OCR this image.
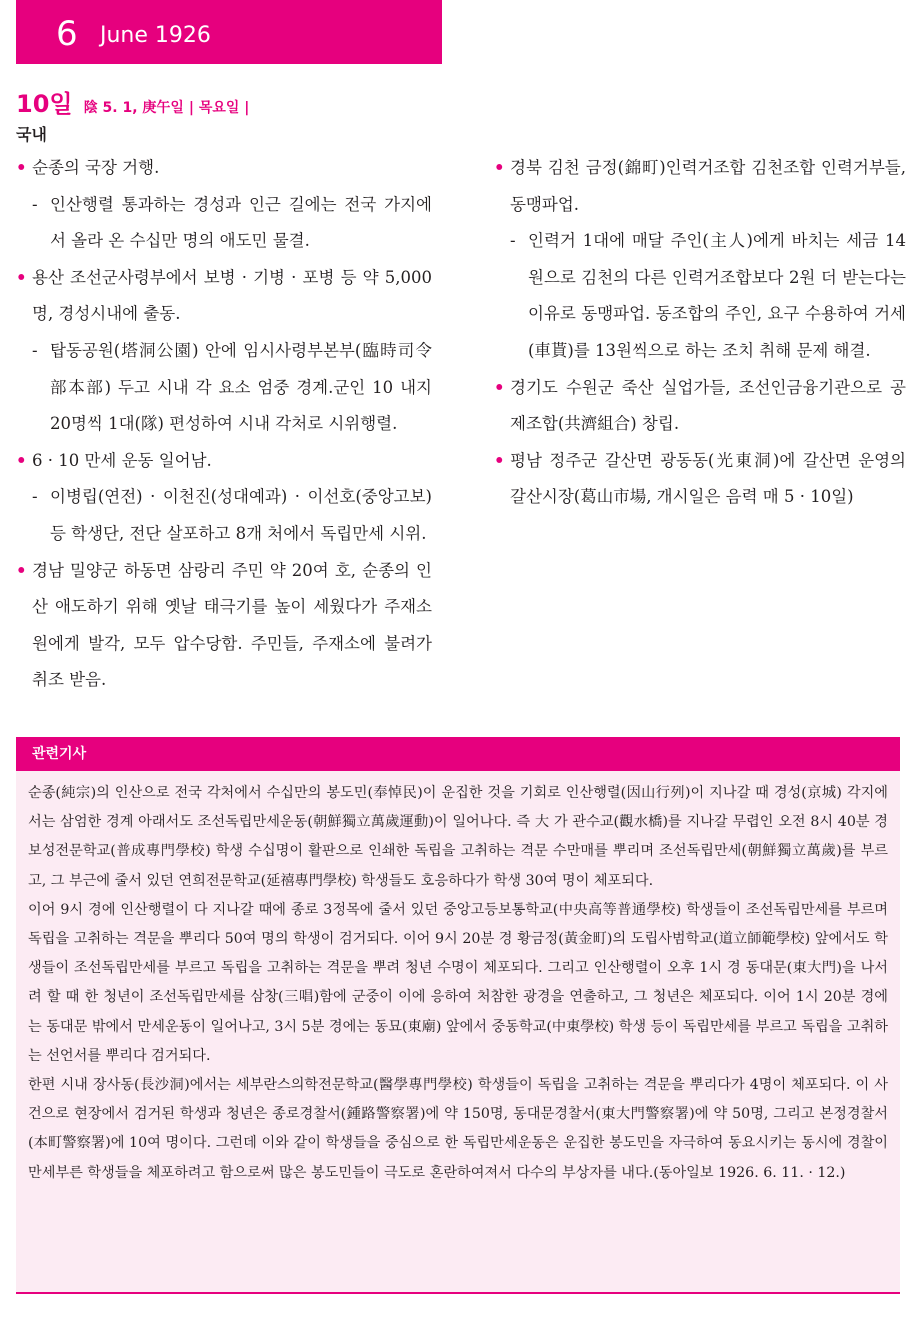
6 June 1926
10일 陰 5. 1, 庚午일 | 목요일 |
국내

• 순종의 국장 거행.

- 인산행렬 통과하는 경성과 인근 길에는 전국 가지에서 올라 온 수십만 명의 애도민 물결.

• 용산 조선군사령부에서 보병 · 기병 · 포병 등 약 5,000명, 경성시내에 출동.

- 탑동공원(塔洞公園) 안에 임시사령부본부(臨時司令部本部) 두고 시내 각 요소 엄중 경계.군인 10 내지 20명씩 1대(隊) 편성하여 시내 각처로 시위행렬.

• 6 · 10 만세 운동 일어남.

- 이병립(연전) · 이천진(성대예과) · 이선호(중앙고보) 등 학생단, 전단 살포하고 8개 처에서 독립만세 시위.

• 경남 밀양군 하동면 삼랑리 주민 약 20여 호, 순종의 인산 애도하기 위해 옛날 태극기를 높이 세웠다가 주재소원에게 발각, 모두 압수당함. 주민들, 주재소에 불려가 취조 받음.

• 경북 김천 금정(錦町)인력거조합 김천조합 인력거부들, 동맹파업.

- 인력거 1대에 매달 주인(主人)에게 바치는 세금 14원으로 김천의 다른 인력거조합보다 2원 더 받는다는 이유로 동맹파업. 동조합의 주인, 요구 수용하여 거세(車貰)를 13원씩으로 하는 조치 취해 문제 해결.

• 경기도 수원군 죽산 실업가들, 조선인금융기관으로 공제조합(共濟組合) 창립.

• 평남 정주군 갈산면 광동동(光東洞)에 갈산면 운영의 갈산시장(葛山市場, 개시일은 음력 매 5 · 10일)

관련기사

순종(純宗)의 인산으로 전국 각처에서 수십만의 봉도민(奉悼民)이 운집한 것을 기회로 인산행렬(因山行列)이 지나갈 때 경성(京城) 각지에서는 삼엄한 경계 아래서도 조선독립만세운동(朝鮮獨立萬歲運動)이 일어나다. 즉 大 가 관수교(觀水橋)를 지나갈 무렵인 오전 8시 40분 경 보성전문학교(普成專門學校) 학생 수십명이 활판으로 인쇄한 독립을 고취하는 격문 수만매를 뿌리며 조선독립만세(朝鮮獨立萬歲)를 부르고, 그 부근에 줄서 있던 연희전문학교(延禧專門學校) 학생들도 호응하다가 학생 30여 명이 체포되다.

이어 9시 경에 인산행렬이 다 지나갈 때에 종로 3정목에 줄서 있던 중앙고등보통학교(中央高等普通學校) 학생들이 조선독립만세를 부르며 독립을 고취하는 격문을 뿌리다 50여 명의 학생이 검거되다. 이어 9시 20분 경 황금정(黃金町)의 도립사범학교(道立師範學校) 앞에서도 학생들이 조선독립만세를 부르고 독립을 고취하는 격문을 뿌려 청년 수명이 체포되다. 그리고 인산행렬이 오후 1시 경 동대문(東大門)을 나서려 할 때 한 청년이 조선독립만세를 삼창(三唱)함에 군중이 이에 응하여 처참한 광경을 연출하고, 그 청년은 체포되다. 이어 1시 20분 경에는 동대문 밖에서 만세운동이 일어나고, 3시 5분 경에는 동묘(東廟) 앞에서 중동학교(中東學校) 학생 등이 독립만세를 부르고 독립을 고취하는 선언서를 뿌리다 검거되다.

한편 시내 장사동(長沙洞)에서는 세부란스의학전문학교(醫學專門學校) 학생들이 독립을 고취하는 격문을 뿌리다가 4명이 체포되다. 이 사건으로 현장에서 검거된 학생과 청년은 종로경찰서(鍾路警察署)에 약 150명, 동대문경찰서(東大門警察署)에 약 50명, 그리고 본정경찰서(本町警察署)에 10여 명이다. 그런데 이와 같이 학생들을 중심으로 한 독립만세운동은 운집한 봉도민을 자극하여 동요시키는 동시에 경찰이 만세부른 학생들을 체포하려고 함으로써 많은 봉도민들이 극도로 혼란하여져서 다수의 부상자를 내다.(동아일보 1926. 6. 11. · 12.)
